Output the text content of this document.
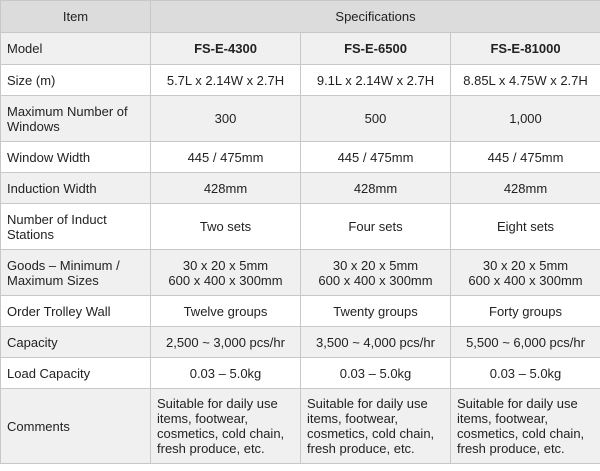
Item	Specifications		

Model	FS-E-4300	FS-E-6500	FS-E-81000

Size (m)	5.7L x 2.14W x 2.7H	9.1L x 2.14W x 2.7H	8.85L x 4.75W x 2.7H

Maximum Number of
Windows	300	500	1,000

Window Width	445 / 475mm	445 / 475mm	445 / 475mm

Induction Width	428mm	428mm	428mm

Number of Induct
Stations	Two sets	Four sets	Eight sets

Goods – Minimum /
Maximum Sizes	30 x 20 x 5mm
600 x 400 x 300mm	30 x 20 x 5mm
600 x 400 x 300mm	30 x 20 x 5mm
600 x 400 x 300mm

Order Trolley Wall	Twelve groups	Twenty groups	Forty groups

Capacity	2,500 ~ 3,000 pcs/hr	3,500 ~ 4,000 pcs/hr	5,500 ~ 6,000 pcs/hr

Load Capacity	0.03 – 5.0kg	0.03 – 5.0kg	0.03 – 5.0kg

Comments	Suitable for daily use
items, footwear,
cosmetics, cold chain,
fresh produce, etc.	Suitable for daily use
items, footwear,
cosmetics, cold chain,
fresh produce, etc.	Suitable for daily use
items, footwear,
cosmetics, cold chain,
fresh produce, etc.
